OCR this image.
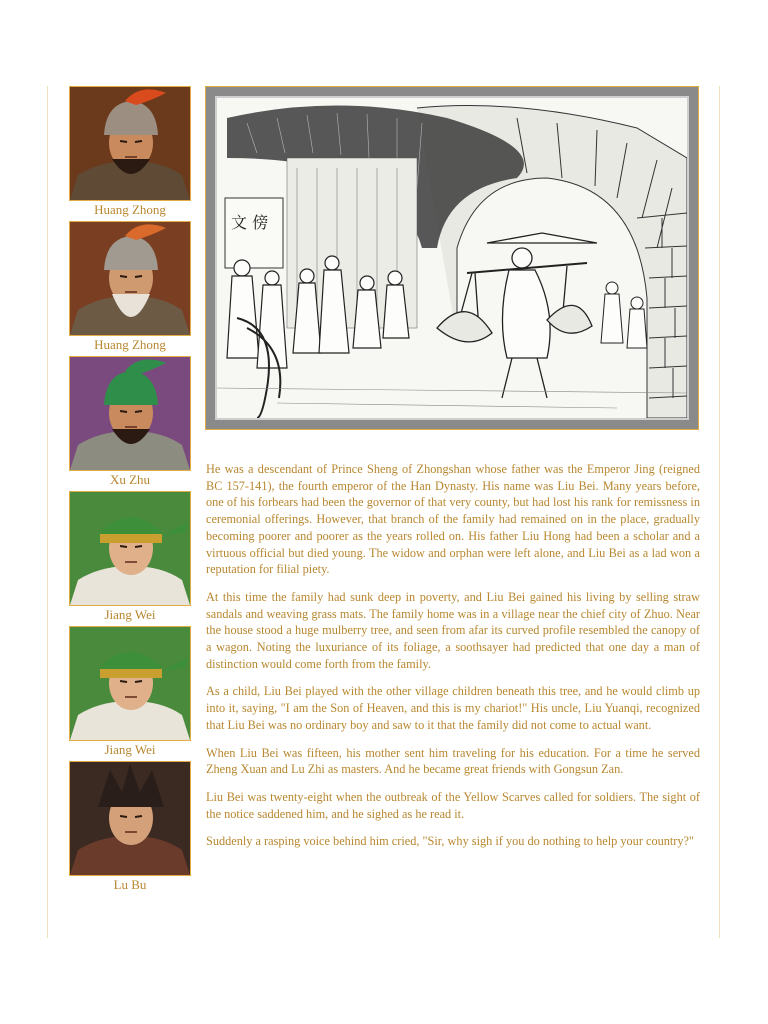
Huang Zhong
Huang Zhong
Xu Zhu
Jiang Wei
Jiang Wei
Lu Bu
文 傍

He was a descendant of Prince Sheng of Zhongshan whose father was the Emperor Jing (reigned BC 157-141), the fourth emperor of the Han Dynasty. His name was Liu Bei. Many years before, one of his forbears had been the governor of that very county, but had lost his rank for remissness in ceremonial offerings. However, that branch of the family had remained on in the place, gradually becoming poorer and poorer as the years rolled on. His father Liu Hong had been a scholar and a virtuous official but died young. The widow and orphan were left alone, and Liu Bei as a lad won a reputation for filial piety.

At this time the family had sunk deep in poverty, and Liu Bei gained his living by selling straw sandals and weaving grass mats. The family home was in a village near the chief city of Zhuo. Near the house stood a huge mulberry tree, and seen from afar its curved profile resembled the canopy of a wagon. Noting the luxuriance of its foliage, a soothsayer had predicted that one day a man of distinction would come forth from the family.

As a child, Liu Bei played with the other village children beneath this tree, and he would climb up into it, saying, "I am the Son of Heaven, and this is my chariot!" His uncle, Liu Yuanqi, recognized that Liu Bei was no ordinary boy and saw to it that the family did not come to actual want.

When Liu Bei was fifteen, his mother sent him traveling for his education. For a time he served Zheng Xuan and Lu Zhi as masters. And he became great friends with Gongsun Zan.

Liu Bei was twenty-eight when the outbreak of the Yellow Scarves called for soldiers. The sight of the notice saddened him, and he sighed as he read it.

Suddenly a rasping voice behind him cried, "Sir, why sigh if you do nothing to help your country?"
